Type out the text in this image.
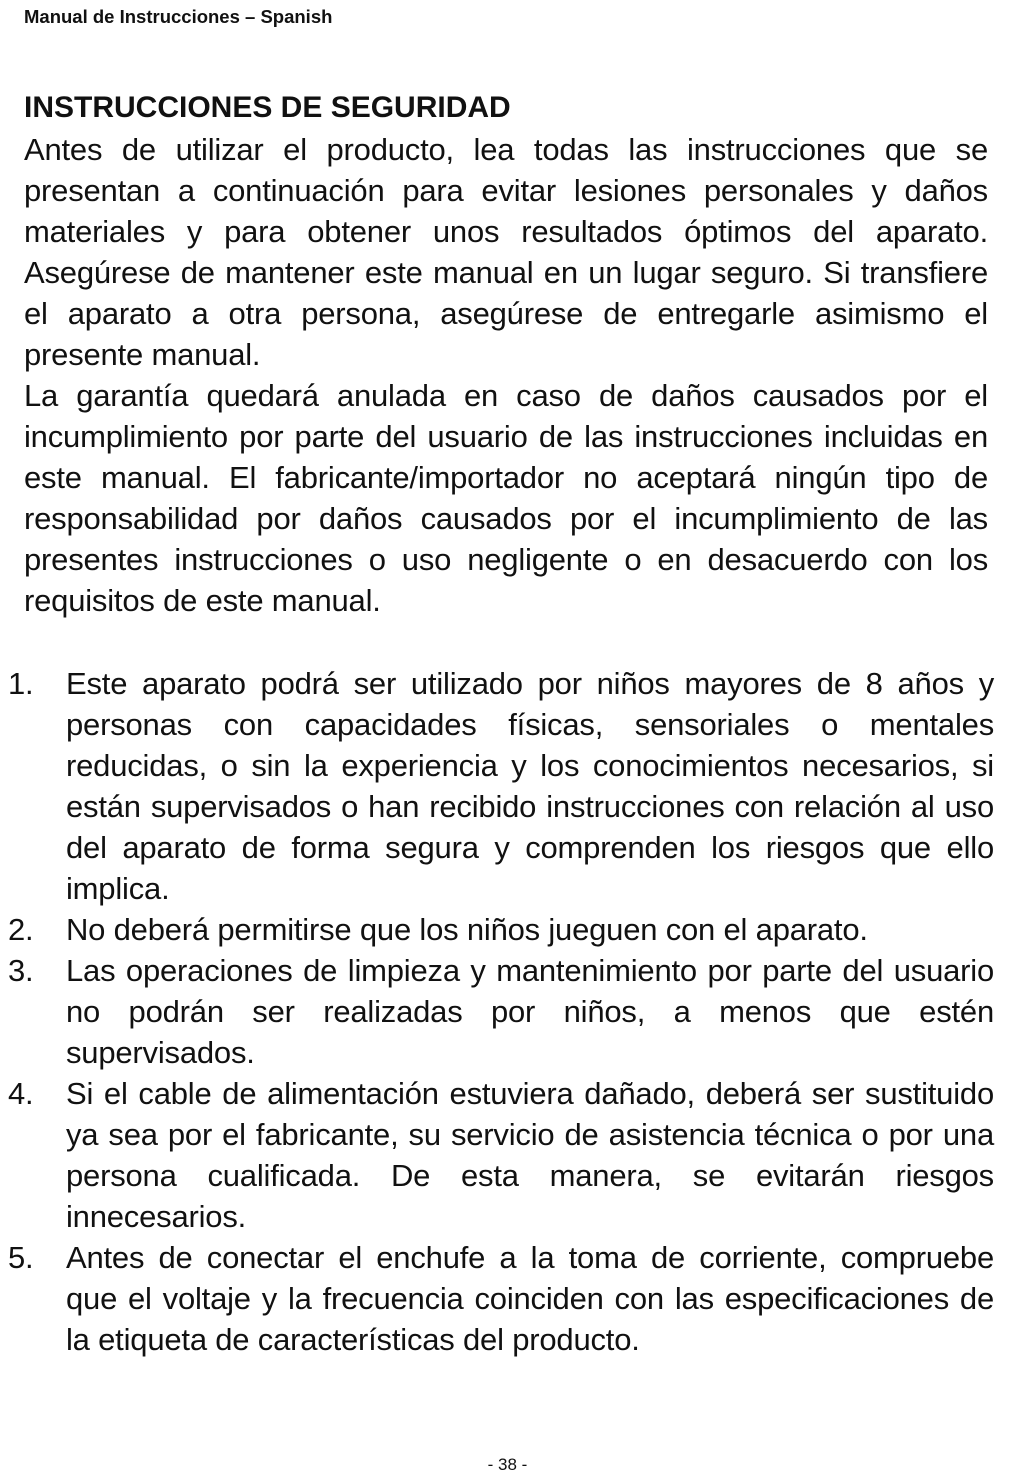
Manual de Instrucciones – Spanish
INSTRUCCIONES DE SEGURIDAD

Antes de utilizar el producto, lea todas las instrucciones que se presentan a continuación para evitar lesiones personales y daños materiales y para obtener unos resultados óptimos del aparato. Asegúrese de mantener este manual en un lugar seguro. Si transfiere el aparato a otra persona, asegúrese de entregarle asimismo el presente manual.

La garantía quedará anulada en caso de daños causados por el incumplimiento por parte del usuario de las instrucciones incluidas en este manual. El fabricante/importador no aceptará ningún tipo de responsabilidad por daños causados por el incumplimiento de las presentes instrucciones o uso negligente o en desacuerdo con los requisitos de este manual.

1. Este aparato podrá ser utilizado por niños mayores de 8 años y personas con capacidades físicas, sensoriales o mentales reducidas, o sin la experiencia y los conocimientos necesarios, si están supervisados o han recibido instrucciones con relación al uso del aparato de forma segura y comprenden los riesgos que ello implica.
2. No deberá permitirse que los niños jueguen con el aparato.
3. Las operaciones de limpieza y mantenimiento por parte del usuario no podrán ser realizadas por niños, a menos que estén supervisados.
4. Si el cable de alimentación estuviera dañado, deberá ser sustituido ya sea por el fabricante, su servicio de asistencia técnica o por una persona cualificada. De esta manera, se evitarán riesgos innecesarios.
5. Antes de conectar el enchufe a la toma de corriente, compruebe que el voltaje y la frecuencia coinciden con las especificaciones de la etiqueta de características del producto.
- 38 -
